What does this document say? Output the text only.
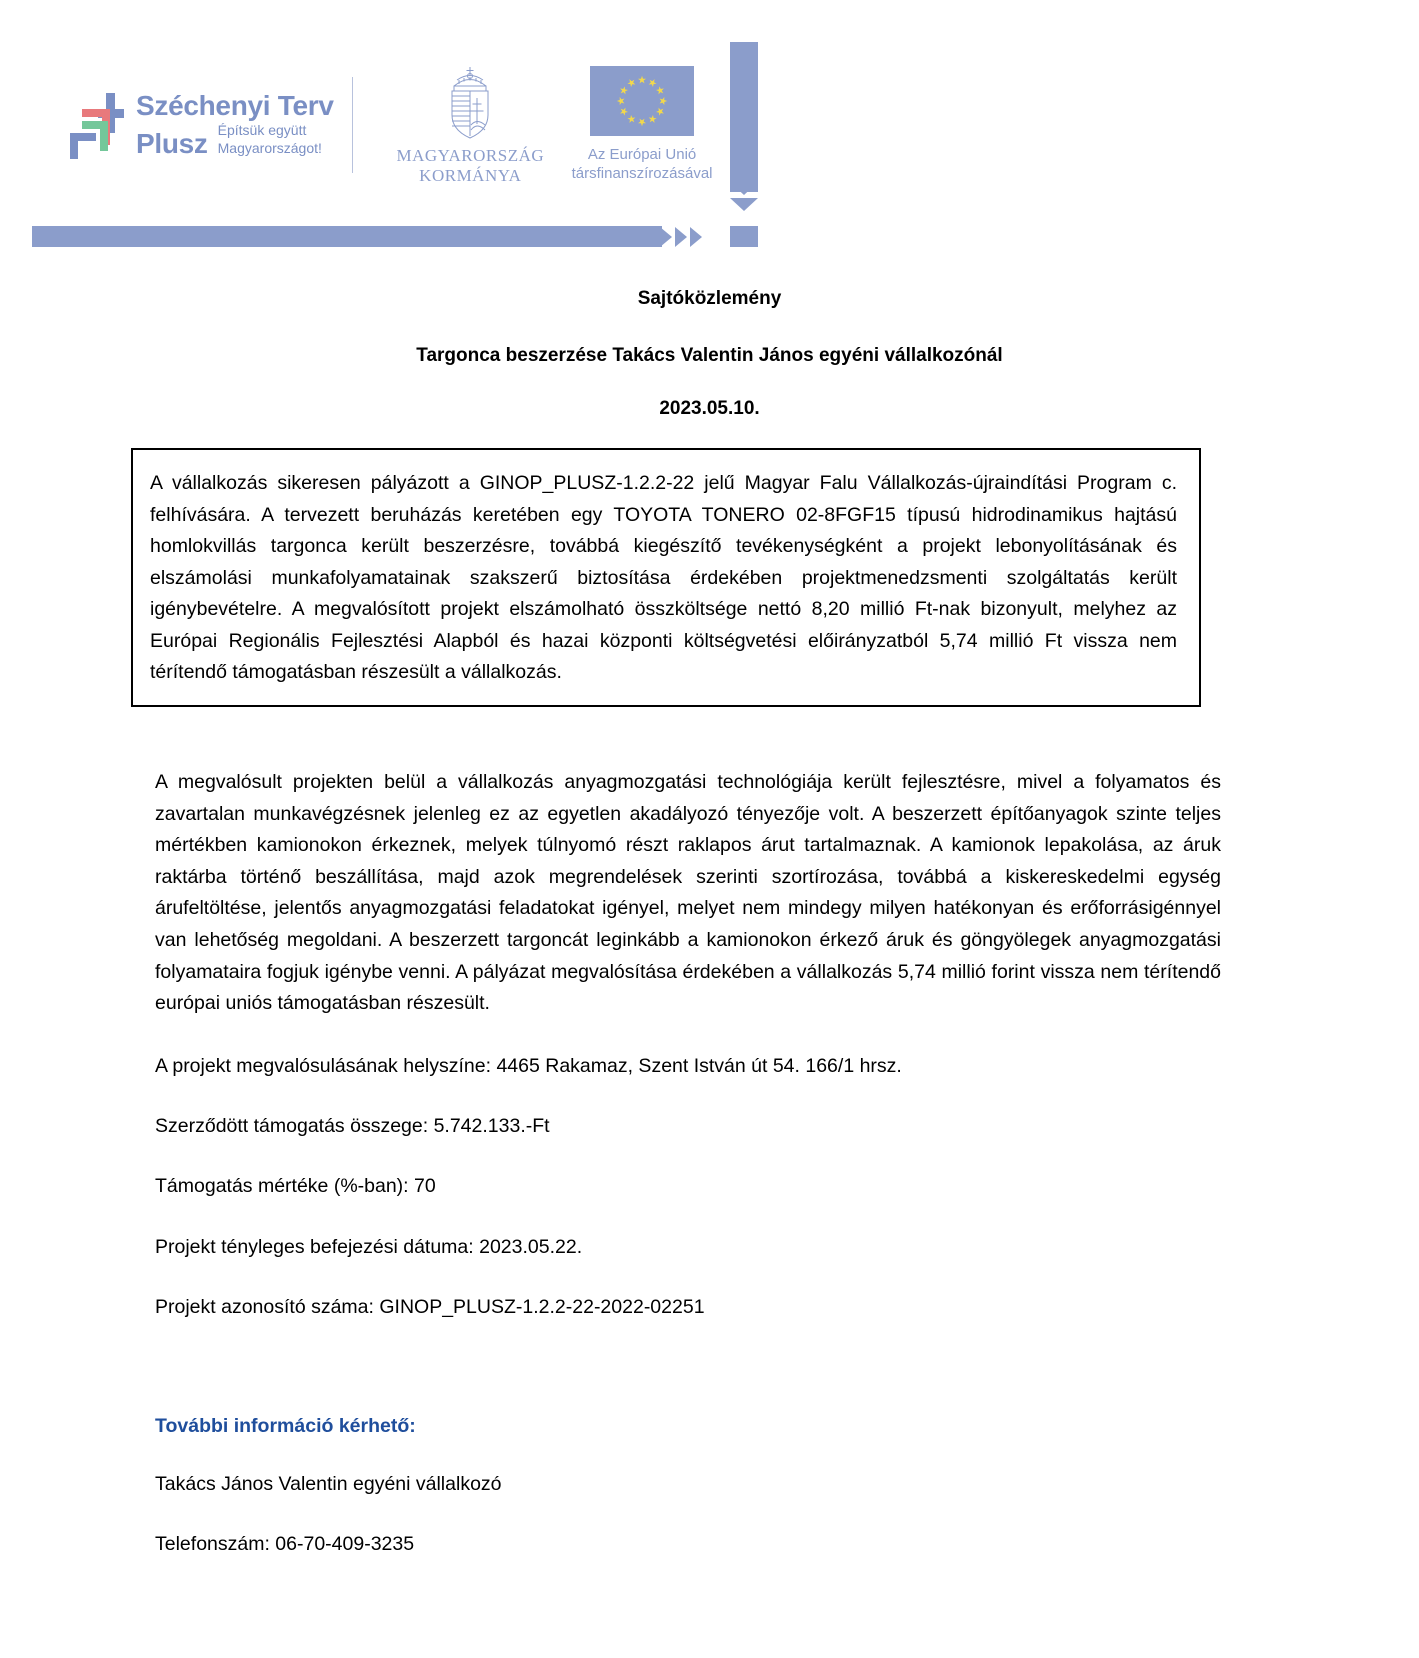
Széchenyi Terv
Plusz Építsük együtt
Magyarországot!	MAGYARORSZÁG
KORMÁNYA
Az Európai Unió
társfinanszírozásával
Sajtóközlemény
Targonca beszerzése Takács Valentin János egyéni vállalkozónál
2023.05.10.

A vállalkozás sikeresen pályázott a GINOP_PLUSZ-1.2.2-22 jelű Magyar Falu Vállalkozás-újraindítási Program c. felhívására. A tervezett beruházás keretében egy TOYOTA TONERO 02-8FGF15 típusú hidrodinamikus hajtású homlokvillás targonca került beszerzésre, továbbá kiegészítő tevékenységként a projekt lebonyolításának és elszámolási munkafolyamatainak szakszerű biztosítása érdekében projektmenedzsmenti szolgáltatás került igénybevételre. A megvalósított projekt elszámolható összköltsége nettó 8,20 millió Ft-nak bizonyult, melyhez az Európai Regionális Fejlesztési Alapból és hazai központi költségvetési előirányzatból 5,74 millió Ft vissza nem térítendő támogatásban részesült a vállalkozás.

A megvalósult projekten belül a vállalkozás anyagmozgatási technológiája került fejlesztésre, mivel a folyamatos és zavartalan munkavégzésnek jelenleg ez az egyetlen akadályozó tényezője volt. A beszerzett építőanyagok szinte teljes mértékben kamionokon érkeznek, melyek túlnyomó részt raklapos árut tartalmaznak. A kamionok lepakolása, az áruk raktárba történő beszállítása, majd azok megrendelések szerinti szortírozása, továbbá a kiskereskedelmi egység árufeltöltése, jelentős anyagmozgatási feladatokat igényel, melyet nem mindegy milyen hatékonyan és erőforrásigénnyel van lehetőség megoldani. A beszerzett targoncát leginkább a kamionokon érkező áruk és göngyölegek anyagmozgatási folyamataira fogjuk igénybe venni. A pályázat megvalósítása érdekében a vállalkozás 5,74 millió forint vissza nem térítendő európai uniós támogatásban részesült.

A projekt megvalósulásának helyszíne: 4465 Rakamaz, Szent István út 54. 166/1 hrsz.

Szerződött támogatás összege: 5.742.133.-Ft

Támogatás mértéke (%-ban): 70

Projekt tényleges befejezési dátuma: 2023.05.22.

Projekt azonosító száma: GINOP_PLUSZ-1.2.2-22-2022-02251

További információ kérhető:

Takács János Valentin egyéni vállalkozó

Telefonszám: 06-70-409-3235
